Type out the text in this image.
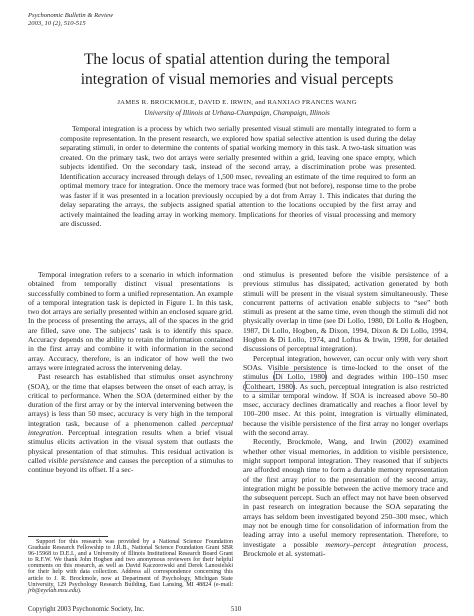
Psychonomic Bulletin & Review
2003, 10 (2), 510-515
The locus of spatial attention during the temporal
integration of visual memories and visual percepts
JAMES R. BROCKMOLE, DAVID E. IRWIN, and RANXIAO FRANCES WANG
University of Illinois at Urbana-Champaign, Champaign, Illinois

Temporal integration is a process by which two serially presented visual stimuli are mentally integrated to form a composite representation. In the present research, we explored how spatial selective attention is used during the delay separating stimuli, in order to determine the contents of spatial working memory in this task. A two-task situation was created. On the primary task, two dot arrays were serially presented within a grid, leaving one space empty, which subjects identified. On the secondary task, instead of the second array, a discrimination probe was presented. Identification accuracy increased through delays of 1,500 msec, revealing an estimate of the time required to form an optimal memory trace for integration. Once the memory trace was formed (but not before), response time to the probe was faster if it was presented in a location previously occupied by a dot from Array 1. This indicates that during the delay separating the arrays, the subjects assigned spatial attention to the locations occupied by the first array and actively maintained the leading array in working memory. Implications for theories of visual processing and memory are discussed.

Temporal integration refers to a scenario in which information obtained from temporally distinct visual presentations is successfully combined to form a unified representation. An example of a temporal integration task is depicted in Figure 1. In this task, two dot arrays are serially presented within an enclosed square grid. In the process of presenting the arrays, all of the spaces in the grid are filled, save one. The subjects’ task is to identify this space. Accuracy depends on the ability to retain the information contained in the first array and combine it with information in the second array. Accuracy, therefore, is an indicator of how well the two arrays were integrated across the intervening delay.

Past research has established that stimulus onset asynchrony (SOA), or the time that elapses between the onset of each array, is critical to performance. When the SOA (determined either by the duration of the first array or by the interval intervening between the arrays) is less than 50 msec, accuracy is very high in the temporal integration task, because of a phenomenon called perceptual integration. Perceptual integration results when a brief visual stimulus elicits activation in the visual system that outlasts the physical presentation of that stimulus. This residual activation is called visible persistence and causes the perception of a stimulus to continue beyond its offset. If a sec-

ond stimulus is presented before the visible persistence of a previous stimulus has dissipated, activation generated by both stimuli will be present in the visual system simultaneously. These concurrent patterns of activation enable subjects to “see” both stimuli as present at the same time, even though the stimuli did not physically overlap in time (see Di Lollo, 1980, Di Lollo & Hogben, 1987, Di Lollo, Hogben, & Dixon, 1994, Dixon & Di Lollo, 1994, Hogben & Di Lollo, 1974, and Loftus & Irwin, 1998, for detailed discussions of perceptual integration).

Perceptual integration, however, can occur only with very short SOAs. Visible persistence is time-locked to the onset of the stimulus (Di Lollo, 1980) and degrades within 100–150 msec (Coltheart, 1980). As such, perceptual integration is also restricted to a similar temporal window. If SOA is increased above 50–80 msec, accuracy declines dramatically and reaches a floor level by 100–200 msec. At this point, integration is virtually eliminated, because the visible persistence of the first array no longer overlaps with the second array.

Recently, Brockmole, Wang, and Irwin (2002) examined whether other visual memories, in addition to visible persistence, might support temporal integration. They reasoned that if subjects are afforded enough time to form a durable memory representation of the first array prior to the presentation of the second array, integration might be possible between the active memory trace and the subsequent percept. Such an effect may not have been observed in past research on integration because the SOA separating the arrays has seldom been investigated beyond 250–300 msec, which may not be enough time for consolidation of information from the leading array into a useful memory representation. Therefore, to investigate a possible memory–percept integration process, Brockmole et al. systemati-

Support for this research was provided by a National Science Foundation Graduate Research Fellowship to J.R.B., National Science Foundation Grant SBR 96-15968 to D.E.I., and a University of Illinois Institutional Research Board Grant to R.F.W. We thank John Hogben and two anonymous reviewers for their helpful comments on this research, as well as David Kaczorowski and Derek Lanosielski for their help with data collection. Address all correspondence concerning this article to J. R. Brockmole, now at Department of Psychology, Michigan State University, 129 Psychology Research Building, East Lansing, MI 48824 (e-mail: jrb@eyelab.msu.edu).

Copyright 2003 Psychonomic Society, Inc.	510
